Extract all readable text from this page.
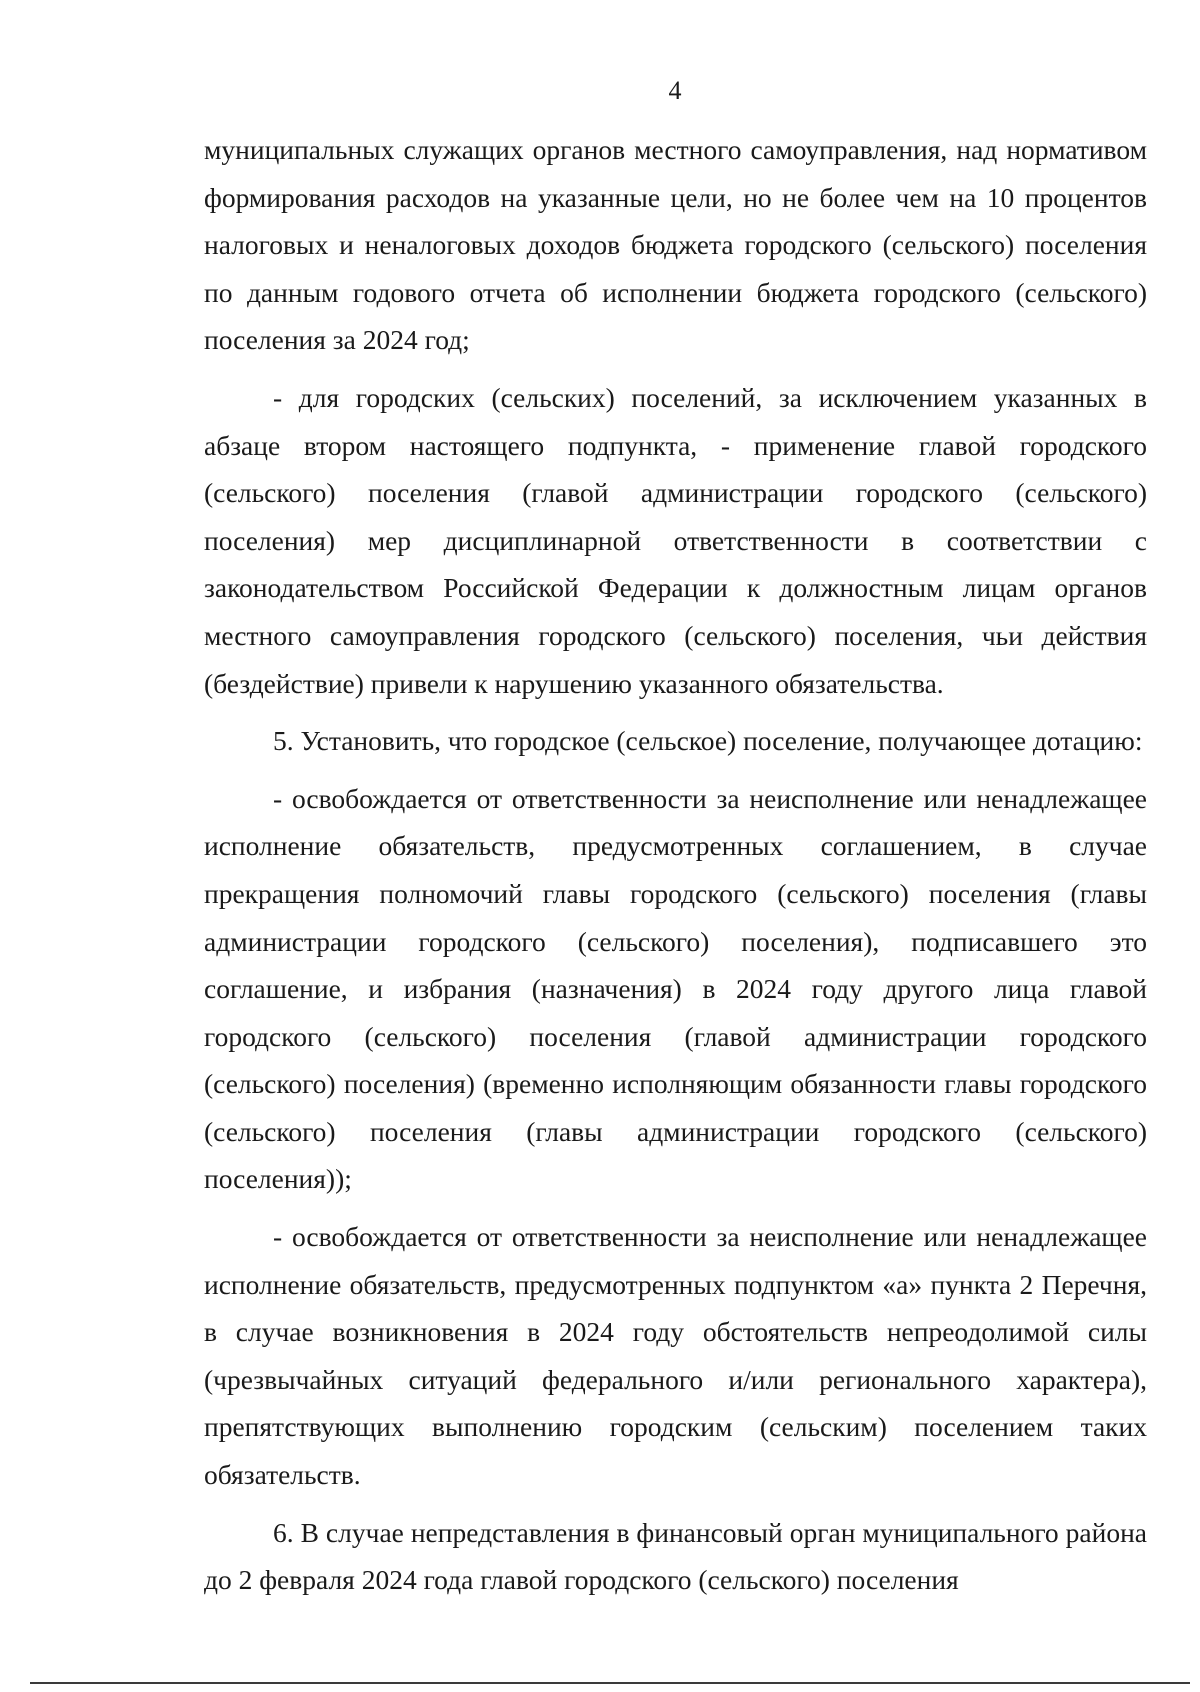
4

муниципальных служащих органов местного самоуправления, над нормативом формирования расходов на указанные цели, но не более чем на 10 процентов налоговых и неналоговых доходов бюджета городского (сельского) поселения по данным годового отчета об исполнении бюджета городского (сельского) поселения за 2024 год;

- для городских (сельских) поселений, за исключением указанных в абзаце втором настоящего подпункта, - применение главой городского (сельского) поселения (главой администрации городского (сельского) поселения) мер дисциплинарной ответственности в соответствии с законодательством Российской Федерации к должностным лицам органов местного самоуправления городского (сельского) поселения, чьи действия (бездействие) привели к нарушению указанного обязательства.

5. Установить, что городское (сельское) поселение, получающее дотацию:

- освобождается от ответственности за неисполнение или ненадлежащее исполнение обязательств, предусмотренных соглашением, в случае прекращения полномочий главы городского (сельского) поселения (главы администрации городского (сельского) поселения), подписавшего это соглашение, и избрания (назначения) в 2024 году другого лица главой городского (сельского) поселения (главой администрации городского (сельского) поселения) (временно исполняющим обязанности главы городского (сельского) поселения (главы администрации городского (сельского) поселения));

- освобождается от ответственности за неисполнение или ненадлежащее исполнение обязательств, предусмотренных подпунктом «а» пункта 2 Перечня, в случае возникновения в 2024 году обстоятельств непреодолимой силы (чрезвычайных ситуаций федерального и/или регионального характера), препятствующих выполнению городским (сельским) поселением таких обязательств.

6. В случае непредставления в финансовый орган муниципального района до 2 февраля 2024 года главой городского (сельского) поселения
